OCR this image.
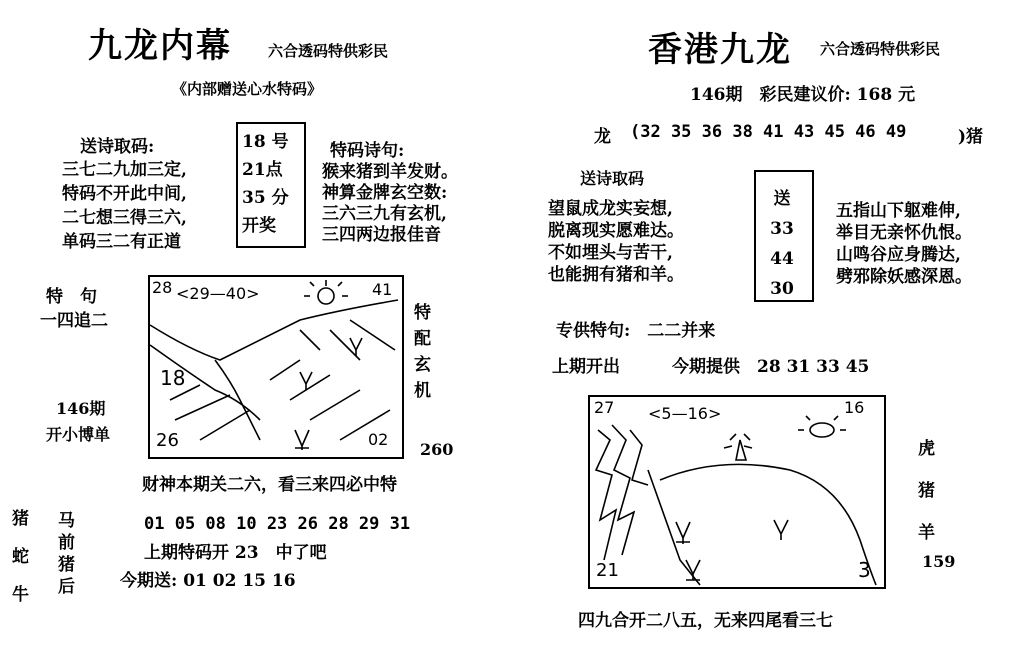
九龙内幕 六合透码特供彩民
《内部赠送心水特码》
送诗取码:
三七二九加三定,
特码不开此中间,
二七想三得三六,
单码三二有正道
18 号
21点
35 分
开奖
特码诗句:
猴来猪到羊发财。
神算金牌玄空数:
三六三九有玄机,
三四两边报佳音
特　句
一四追二
146期
开小博单
28 <29—40>	41
18
26	02
特
配
玄
机
260
财神本期关二六，看三来四必中特
猪
蛇
牛
马
前
猪
后
01 05 08 10 23 26 28 29 31
上期特码开 23　中了吧
今期送: 01 02 15 16
香港九龙 六合透码特供彩民
146期　彩民建议价: 168 元
龙 (32 35 36 38 41 43 45 46 49	)猪
送诗取码
望鼠成龙实妄想,
脱离现实愿难达。
不如埋头与苦干,
也能拥有猪和羊。
送
33
44
30
五指山下躯难伸,
举目无亲怀仇恨。
山鸣谷应身腾达,
劈邪除妖感深恩。
专供特句:　二二并来
上期开出	今期提供　28 31 33 45
27 <5—16>	16
21	3
虎
猪
羊
159
四九合开二八五，无来四尾看三七
